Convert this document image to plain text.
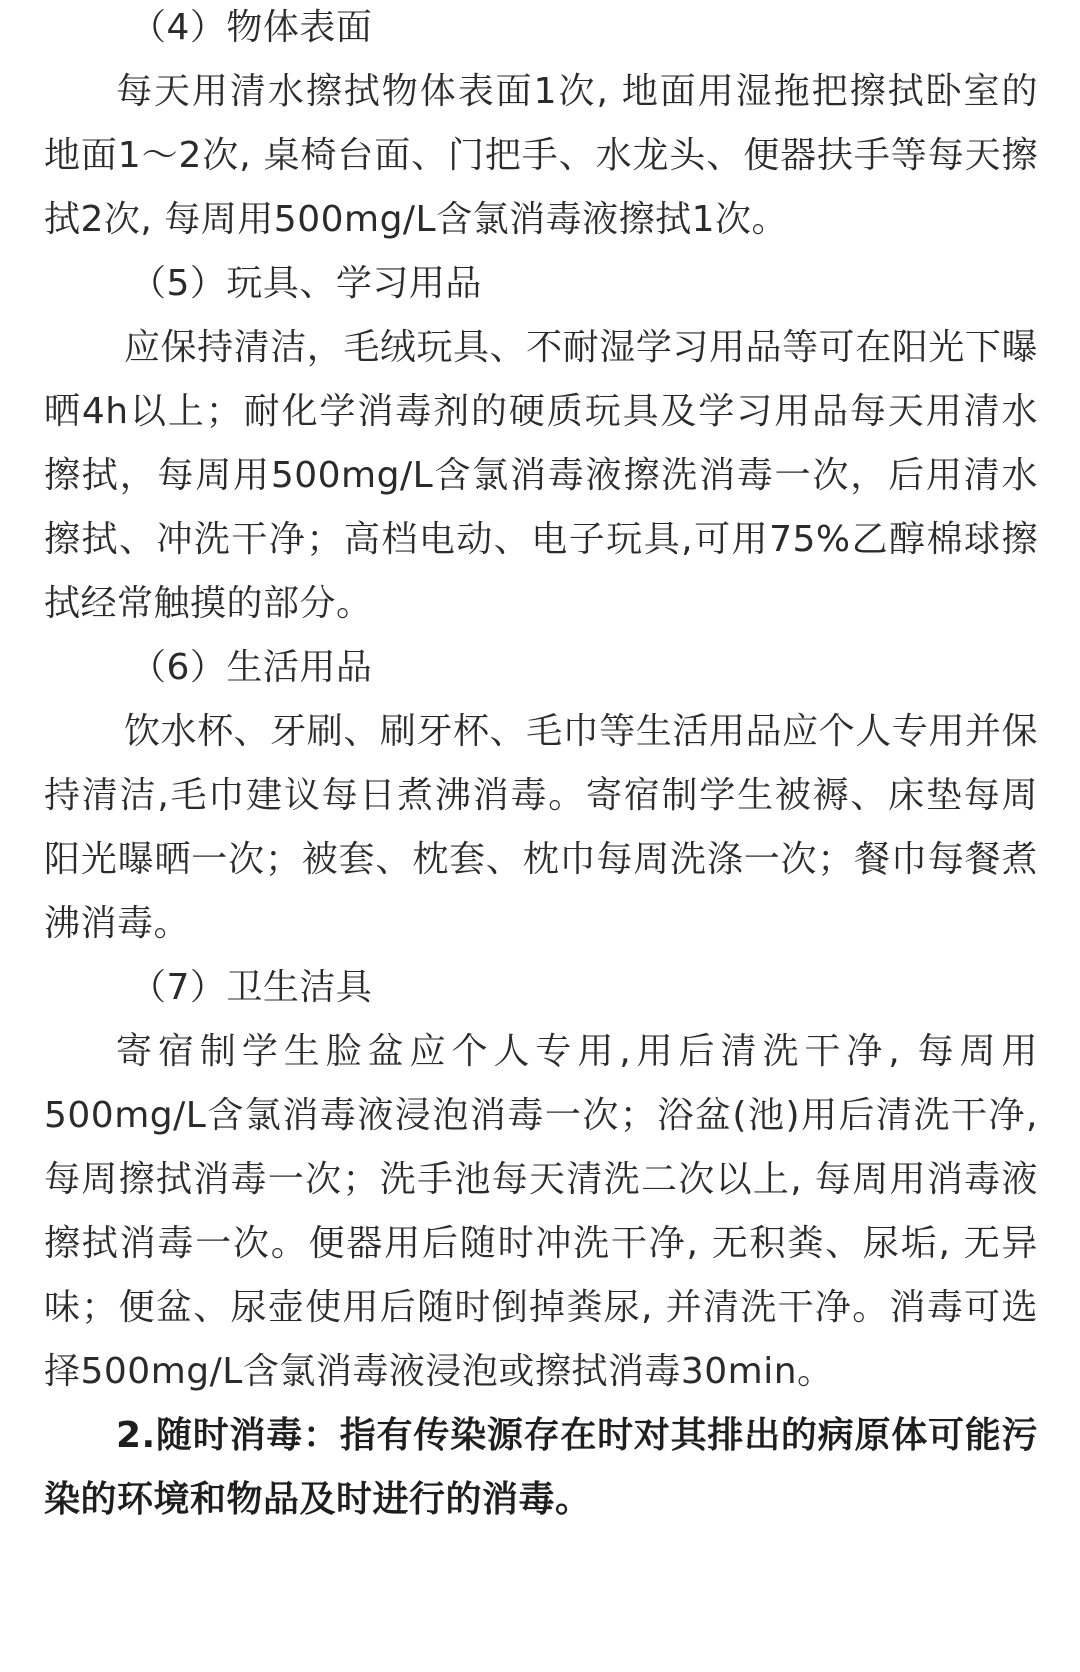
（4）物体表面

每天用清水擦拭物体表面1次, 地面用湿拖把擦拭卧室的地面1～2次, 桌椅台面、门把手、水龙头、便器扶手等每天擦拭2次, 每周用500mg/L含氯消毒液擦拭1次。

（5）玩具、学习用品

应保持清洁，毛绒玩具、不耐湿学习用品等可在阳光下曝晒4h以上；耐化学消毒剂的硬质玩具及学习用品每天用清水擦拭，每周用500mg/L含氯消毒液擦洗消毒一次，后用清水擦拭、冲洗干净；高档电动、电子玩具,可用75%乙醇棉球擦拭经常触摸的部分。

（6）生活用品

饮水杯、牙刷、刷牙杯、毛巾等生活用品应个人专用并保持清洁,毛巾建议每日煮沸消毒。寄宿制学生被褥、床垫每周阳光曝晒一次；被套、枕套、枕巾每周洗涤一次；餐巾每餐煮沸消毒。

（7）卫生洁具

寄宿制学生脸盆应个人专用,用后清洗干净, 每周用500mg/L含氯消毒液浸泡消毒一次；浴盆(池)用后清洗干净, 每周擦拭消毒一次；洗手池每天清洗二次以上, 每周用消毒液擦拭消毒一次。便器用后随时冲洗干净, 无积粪、尿垢, 无异味；便盆、尿壶使用后随时倒掉粪尿, 并清洗干净。消毒可选择500mg/L含氯消毒液浸泡或擦拭消毒30min。

2.随时消毒：指有传染源存在时对其排出的病原体可能污染的环境和物品及时进行的消毒。
